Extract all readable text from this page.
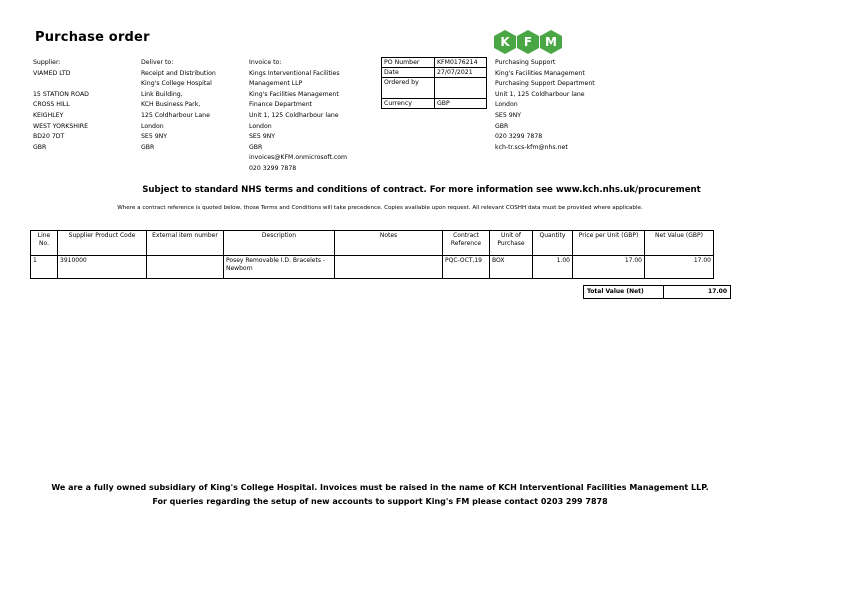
Purchase order
Supplier:
VIAMED LTD
15 STATION ROAD
CROSS HILL
KEIGHLEY
WEST YORKSHIRE
BD20 7DT
GBR
Deliver to:
Receipt and Distribution
King's College Hospital
Link Building,
KCH Business Park,
125 Coldharbour Lane
London
SE5 9NY
GBR
Invoice to:
Kings Interventional Facilities
Management LLP
King's Facilities Management
Finance Department
Unit 1, 125 Coldharbour lane
London
SE5 9NY
GBR
invoices@KFM.onmicrosoft.com
020 3299 7878
PO Number	KFM0176214
Date	27/07/2021
Ordered by	
Currency	GBP
K	F	M
Purchasing Support
King's Facilities Management
Purchasing Support Department
Unit 1, 125 Coldharbour lane
London
SE5 9NY
GBR
020 3299 7878
kch-tr.scs-kfm@nhs.net
Subject to standard NHS terms and conditions of contract. For more information see www.kch.nhs.uk/procurement
Where a contract reference is quoted below, those Terms and Conditions will take precedence. Copies available upon request. All relevant COSHH data must be provided where applicable.
Line No.	Supplier Product Code	External item number	Description	Notes	Contract Reference	Unit of Purchase	Quantity	Price per Unit (GBP)	Net Value (GBP)
1	3910000		Posey Removable I.D. Bracelets - Newborn		PQC-OCT,19	BOX	1.00	17.00	17.00
Total Value (Net)	17.00
We are a fully owned subsidiary of King's College Hospital. Invoices must be raised in the name of KCH Interventional Facilities Management LLP.
For queries regarding the setup of new accounts to support King's FM please contact 0203 299 7878
